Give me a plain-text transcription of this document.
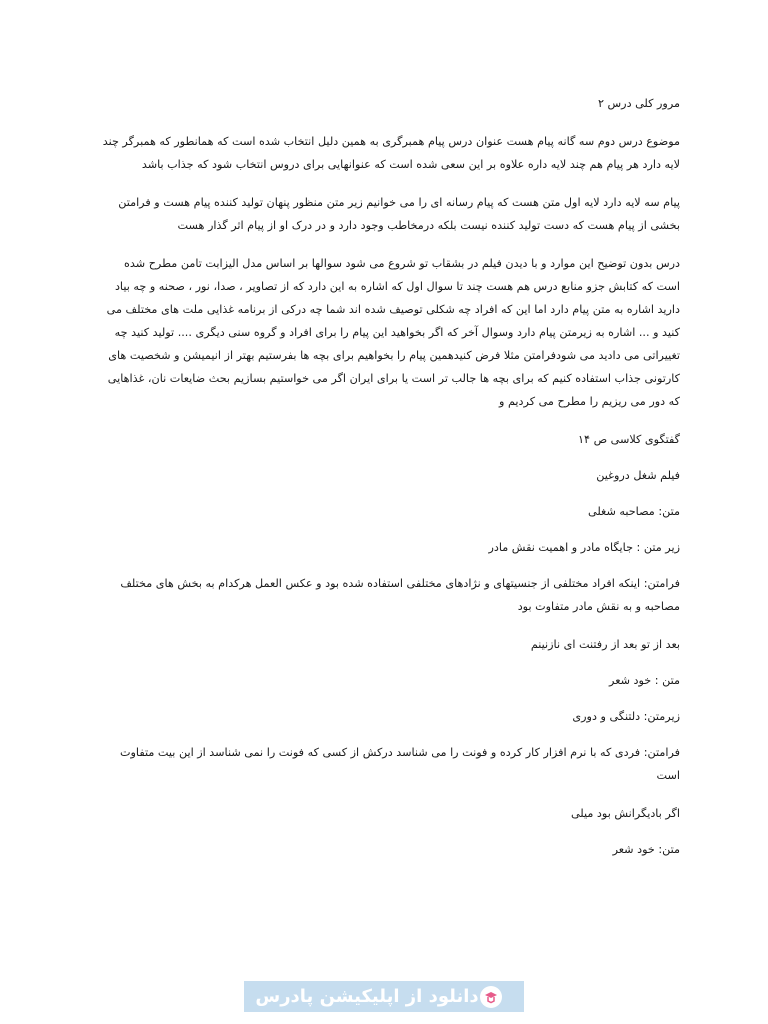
مرور کلی درس ۲

موضوع درس دوم سه گانه پیام هست عنوان درس پیام همبرگری به همین دلیل انتخاب شده است که همانطور که همبرگر چند لایه دارد هر پیام هم چند لایه داره علاوه بر این سعی شده است که عنوانهایی برای دروس انتخاب شود که جذاب باشد

پیام سه لایه دارد لایه اول متن هست که پیام رسانه ای را می خوانیم زیر متن منظور پنهان تولید کننده پیام هست و فرامتن بخشی از پیام هست که دست تولید کننده نیست بلکه درمخاطب وجود دارد و در درک او از پیام اثر گذار هست

درس بدون توضیح این موارد و با دیدن فیلم در بشقاب تو شروع می شود سوالها بر اساس مدل الیزابت تامن مطرح شده است که کتابش جزو منابع درس هم هست چند تا سوال اول که اشاره به این دارد که از تصاویر ، صدا، نور ، صحنه و چه بیاد دارید اشاره به متن پیام دارد اما این که افراد چه شکلی توصیف شده اند شما چه درکی از برنامه غذایی ملت های مختلف می کنید و ... اشاره به زیرمتن پیام دارد وسوال آخر که اگر بخواهید این پیام را برای افراد و گروه سنی دیگری .... تولید کنید چه تغییراتی می دادید می شودفرامتن مثلا فرض کنیدهمین پیام را بخواهیم برای بچه ها بفرستیم بهتر از انیمیشن و شخصیت های کارتونی جذاب استفاده کنیم که برای بچه ها جالب تر است یا برای ایران اگر می خواستیم بسازیم بحث ضایعات نان، غذاهایی که دور می ریزیم را مطرح می کردیم و

گفتگوی کلاسی ص ۱۴

فیلم شغل دروغین

متن: مصاحبه شغلی

زیر متن : جایگاه مادر و اهمیت نقش مادر

فرامتن: اینکه افراد مختلفی از جنسیتهای و نژادهای مختلفی استفاده شده بود و عکس العمل هرکدام به بخش های مختلف مصاحبه و به نقش مادر متفاوت بود

بعد از تو بعد از رفتنت ای نازنینم

متن : خود شعر

زیرمتن: دلتنگی و دوری

فرامتن: فردی که با نرم افزار کار کرده و فونت را می شناسد درکش از کسی که فونت را نمی شناسد از این بیت متفاوت است

اگر بادیگرانش بود میلی

متن: خود شعر

دانلود از اپلیکیشن پادرس
